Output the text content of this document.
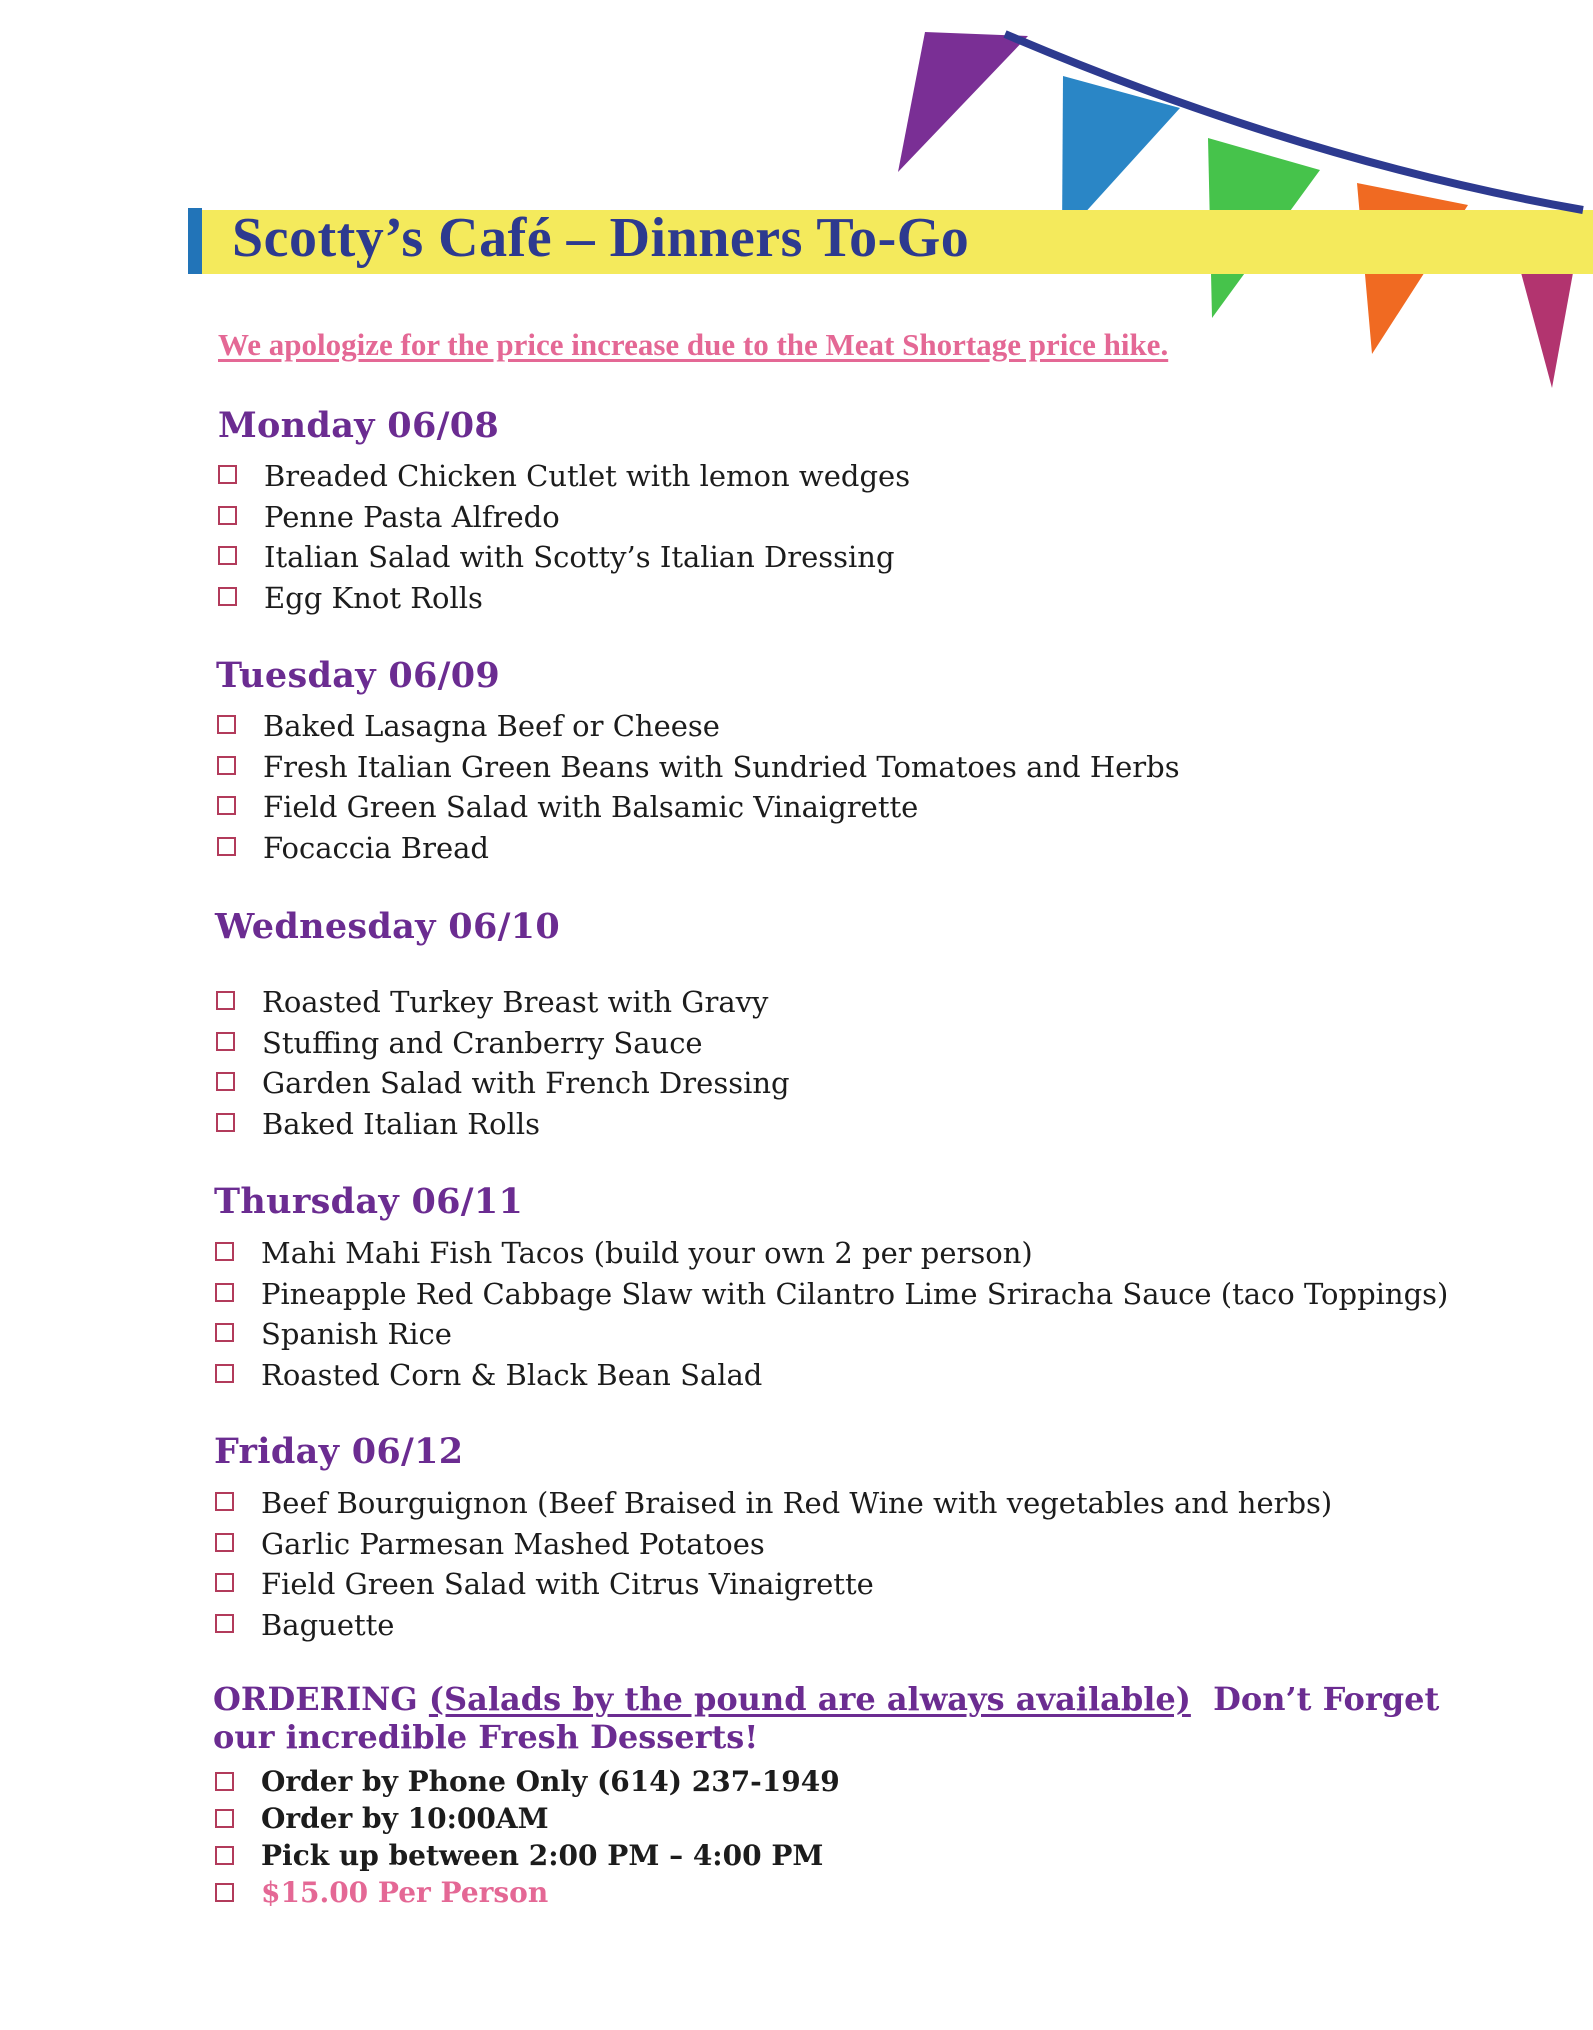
Scotty’s Café – Dinners To-Go
We apologize for the price increase due to the Meat Shortage price hike.
Monday 06/08
Breaded Chicken Cutlet with lemon wedges
Penne Pasta Alfredo
Italian Salad with Scotty’s Italian Dressing
Egg Knot Rolls
Tuesday 06/09
Baked Lasagna Beef or Cheese
Fresh Italian Green Beans with Sundried Tomatoes and Herbs
Field Green Salad with Balsamic Vinaigrette
Focaccia Bread
Wednesday 06/10
Roasted Turkey Breast with Gravy
Stuffing and Cranberry Sauce
Garden Salad with French Dressing
Baked Italian Rolls
Thursday 06/11
Mahi Mahi Fish Tacos (build your own 2 per person)
Pineapple Red Cabbage Slaw with Cilantro Lime Sriracha Sauce (taco Toppings)
Spanish Rice
Roasted Corn & Black Bean Salad
Friday 06/12
Beef Bourguignon (Beef Braised in Red Wine with vegetables and herbs)
Garlic Parmesan Mashed Potatoes
Field Green Salad with Citrus Vinaigrette
Baguette

ORDERING (Salads by the pound are always available) Don’t Forget our incredible Fresh Desserts!

Order by Phone Only (614) 237-1949
Order by 10:00AM
Pick up between 2:00 PM – 4:00 PM
$15.00 Per Person
